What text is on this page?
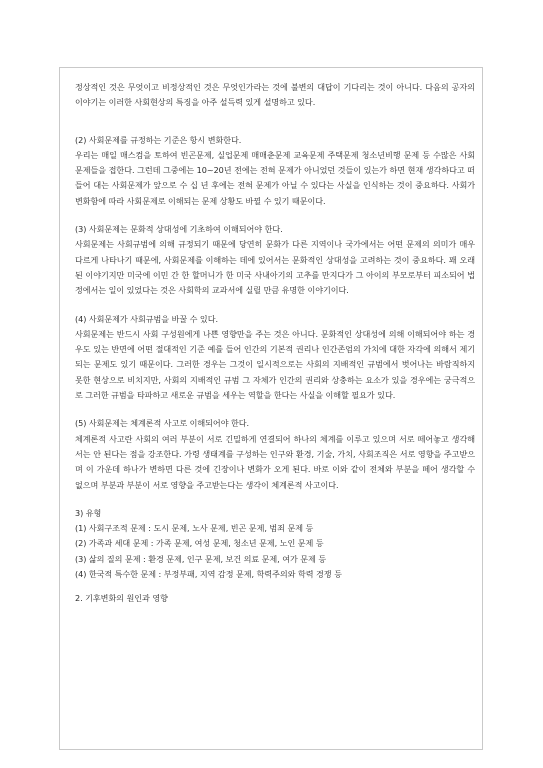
정상적인 것은 무엇이고 비정상적인 것은 무엇인가라는 것에 불변의 대답이 기다리는 것이 아니다. 다음의 공자의 이야기는 이러한 사회현상의 특징을 아주 설득력 있게 설명하고 있다.

(2) 사회문제를 규정하는 기준은 항시 변화한다.

우리는 매일 매스컴을 토하여 빈곤문제, 실업문제 매매춘문제 교육문제 주택문제 청소년비행 문제 등 수많은 사회문제들을 접한다. 그런데 그중에는 10~20년 전에는 전혀 문제가 아니었던 것들이 있는가 하면 현재 생각하다고 떠들어 대는 사회문제가 앞으로 수 십 년 후에는 전혀 문제가 아닐 수 있다는 사실을 인식하는 것이 중요하다. 사회가 변화함에 따라 사회문제로 이해되는 문제 상황도 바뀔 수 있기 때문이다.

(3) 사회문제는 문화적 상대성에 기초하여 이해되어야 한다.

사회문제는 사회규범에 의해 규정되기 때문에 당연히 문화가 다른 지역이나 국가에서는 어떤 문제의 의미가 매우 다르게 나타나기 때문에, 사회문제를 이해하는 데에 있어서는 문화적인 상대성을 고려하는 것이 중요하다. 꽤 오래된 이야기지만 미국에 이민 간 한 할머니가 한 미국 사내아기의 고추를 만지다가 그 아이의 부모로부터 피소되어 법정에서는 일이 있었다는 것은 사회학의 교과서에 실릴 만큼 유명한 이야기이다.

(4) 사회문제가 사회규범을 바꿀 수 있다.

사회문제는 반드시 사회 구성원에게 나쁜 영향만을 주는 것은 아니다. 문화적인 상대성에 의해 이해되어야 하는 경우도 있는 반면에 어떤 절대적인 기준 예를 들어 인간의 기본적 권리나 인간존엄의 가치에 대한 자각에 의해서 제기되는 문제도 있기 때문이다. 그러한 경우는 그것이 일시적으로는 사회의 지배적인 규범에서 벗어나는 바람직하지 못한 현상으로 비치지만, 사회의 지배적인 규범 그 자체가 인간의 권리와 상충하는 요소가 있을 경우에는 궁극적으로 그러한 규범을 타파하고 새로운 규범을 세우는 역할을 한다는 사실을 이해할 필요가 있다.

(5) 사회문제는 체계론적 사고로 이해되어야 한다.

체계론적 사고란 사회의 여러 부분이 서로 긴밀하게 연결되어 하나의 체계를 이루고 있으며 서로 떼어놓고 생각해서는 안 된다는 점을 강조한다. 가령 생태계를 구성하는 인구와 환경, 기술, 가치, 사회조직은 서로 영향을 주고받으며 이 가운데 하나가 변하면 다른 것에 긴장이나 변화가 오게 된다. 바로 이와 같이 전체와 부분을 떼어 생각할 수 없으며 부분과 부분이 서로 영향을 주고받는다는 생각이 체계론적 사고이다.

3) 유형

(1) 사회구조적 문제 : 도시 문제, 노사 문제, 빈곤 문제, 범죄 문제 등

(2) 가족과 세대 문제 : 가족 문제, 여성 문제, 청소년 문제, 노인 문제 등

(3) 삶의 질의 문제 : 환경 문제, 인구 문제, 보건 의료 문제, 여가 문제 등

(4) 한국적 특수한 문제 : 부정부패, 지역 감정 문제, 학력주의와 학력 경쟁 등

2. 기후변화의 원인과 영향
